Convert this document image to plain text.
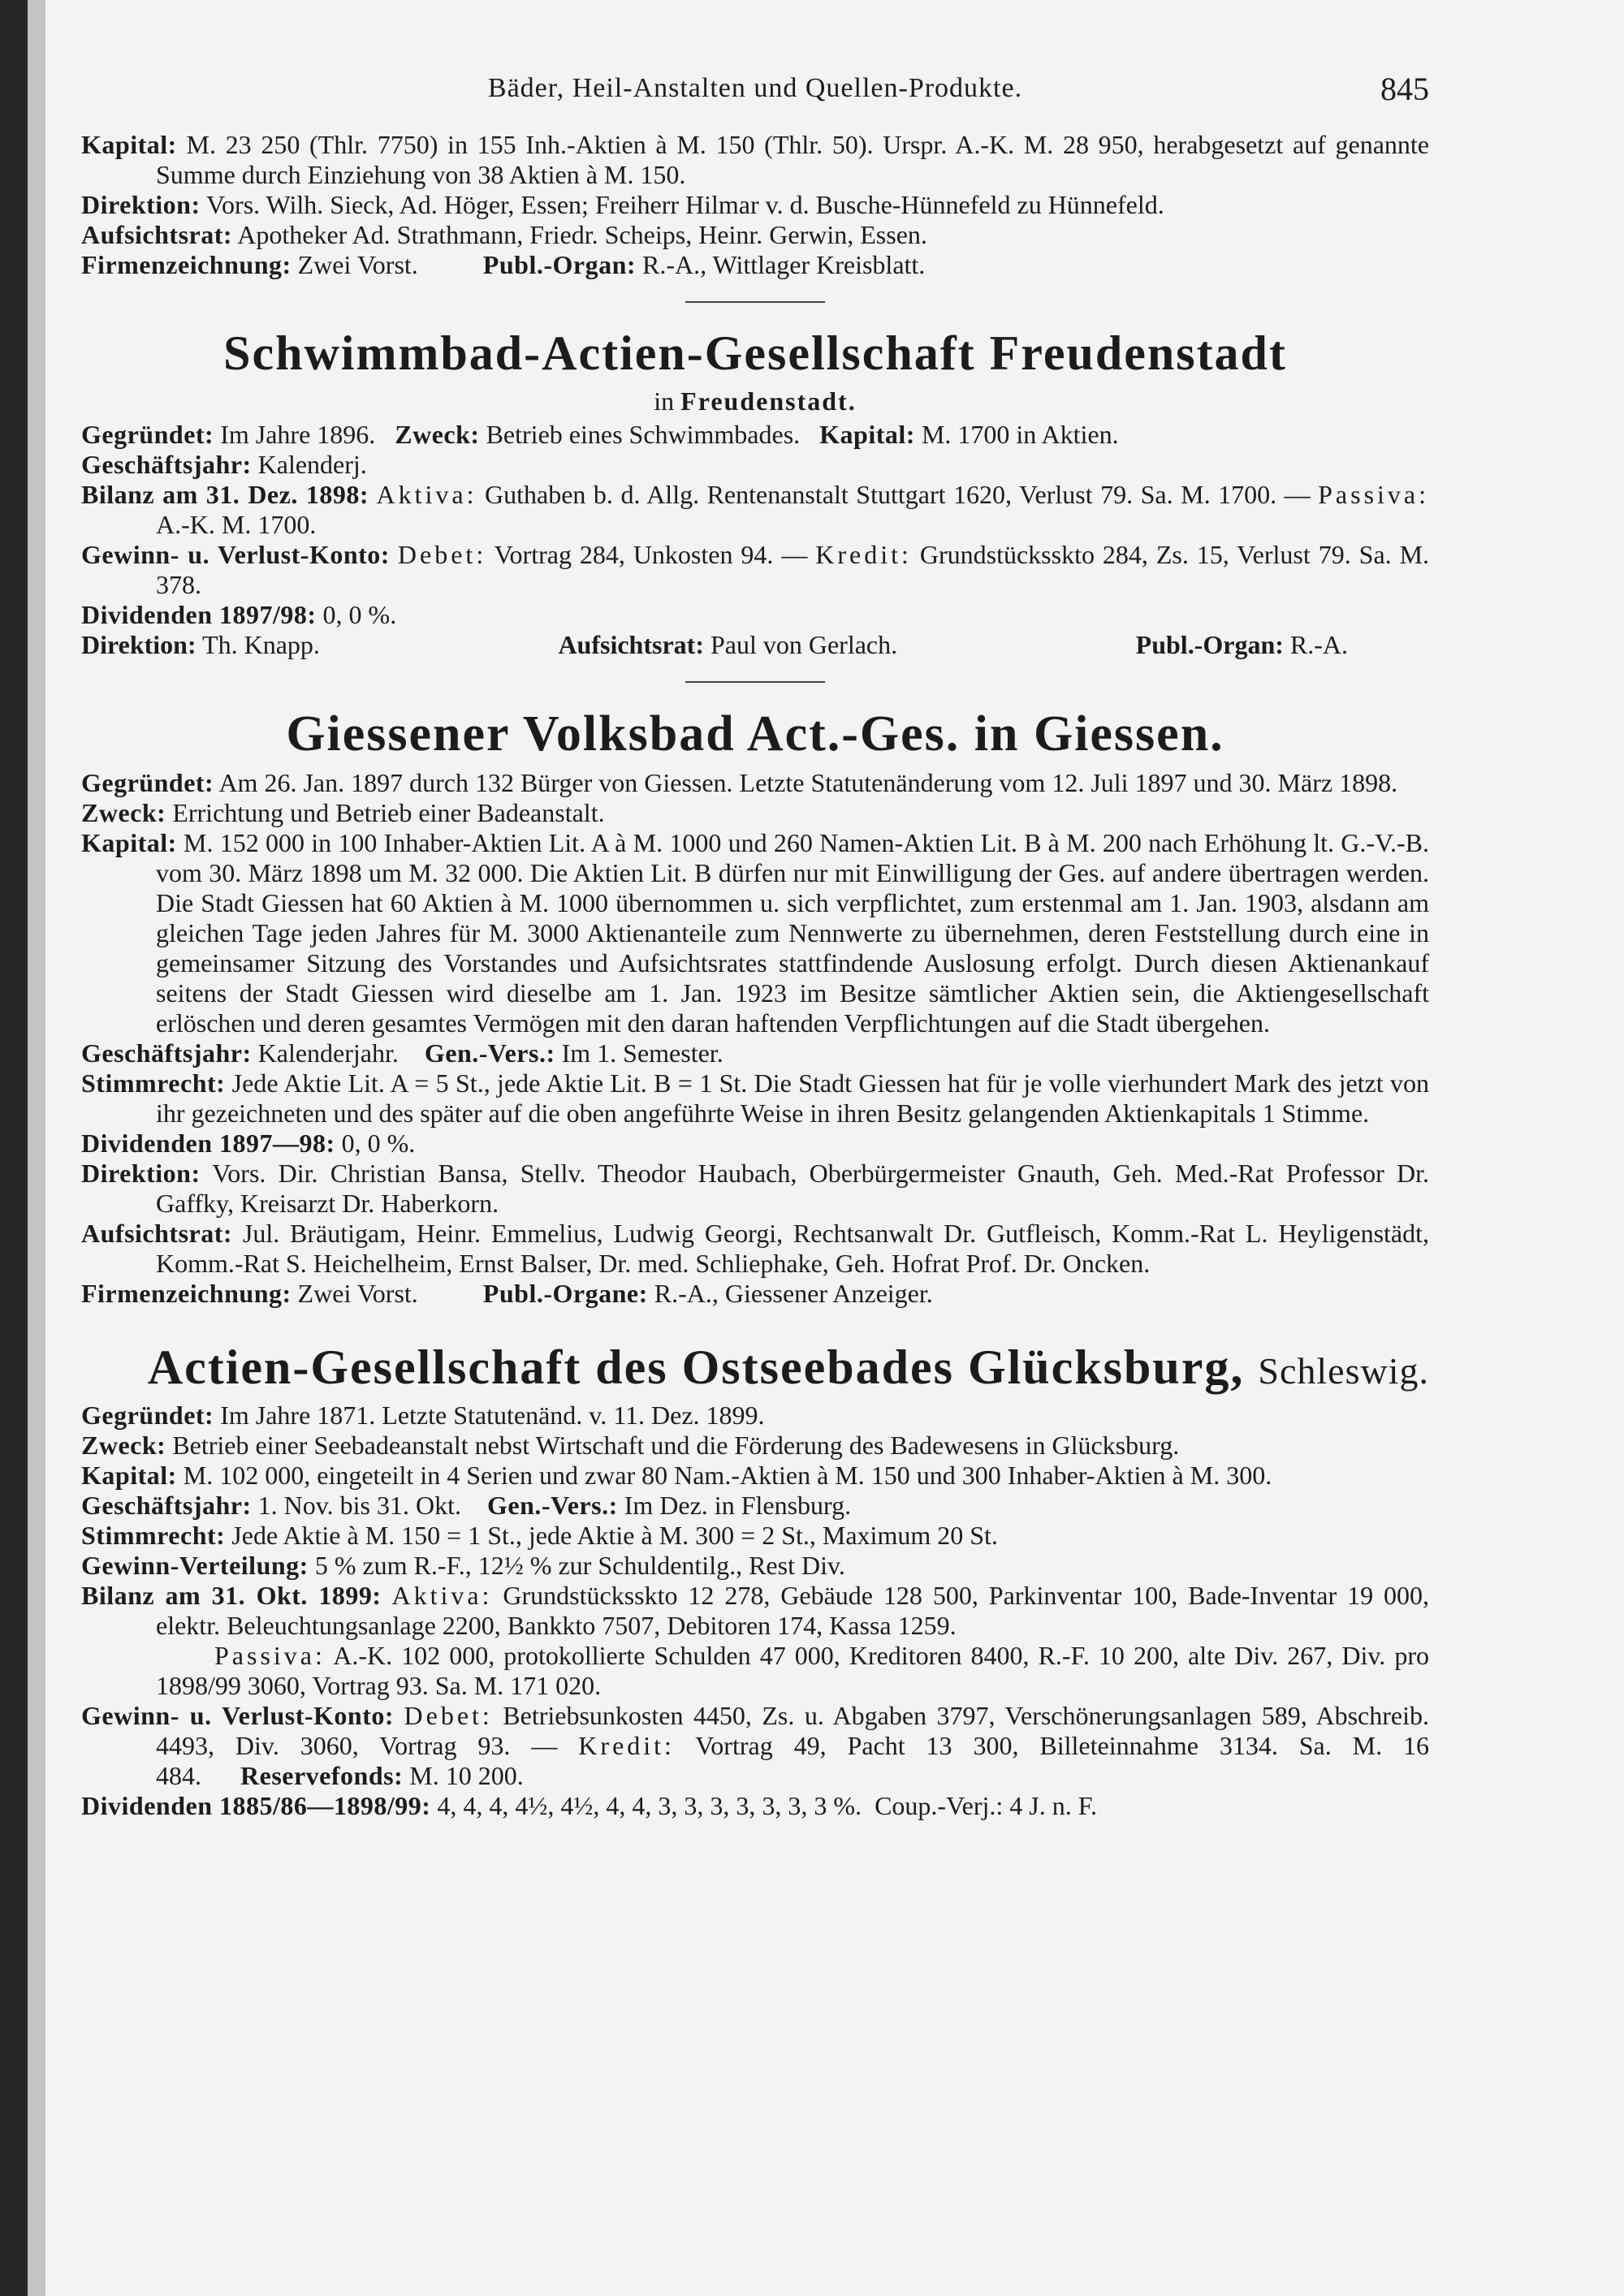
Bäder, Heil-Anstalten und Quellen-Produkte.	845

Kapital: M. 23 250 (Thlr. 7750) in 155 Inh.-Aktien à M. 150 (Thlr. 50). Urspr. A.-K. M. 28 950, herabgesetzt auf genannte Summe durch Einziehung von 38 Aktien à M. 150.

Direktion: Vors. Wilh. Sieck, Ad. Höger, Essen; Freiherr Hilmar v. d. Busche-Hünnefeld zu Hünnefeld.

Aufsichtsrat: Apotheker Ad. Strathmann, Friedr. Scheips, Heinr. Gerwin, Essen.

Firmenzeichnung: Zwei Vorst.	Publ.-Organ: R.-A., Wittlager Kreisblatt.

Schwimmbad-Actien-Gesellschaft Freudenstadt
in Freudenstadt.

Gegründet: Im Jahre 1896. Zweck: Betrieb eines Schwimmbades. Kapital: M. 1700 in Aktien.

Geschäftsjahr: Kalenderj.

Bilanz am 31. Dez. 1898: Aktiva: Guthaben b. d. Allg. Rentenanstalt Stuttgart 1620, Verlust 79. Sa. M. 1700. — Passiva: A.-K. M. 1700.

Gewinn- u. Verlust-Konto: Debet: Vortrag 284, Unkosten 94. — Kredit: Grundstücksskto 284, Zs. 15, Verlust 79. Sa. M. 378.

Dividenden 1897/98: 0, 0 %.

Direktion: Th. Knapp.	Aufsichtsrat: Paul von Gerlach.	Publ.-Organ: R.-A.
Giessener Volksbad Act.-Ges. in Giessen.

Gegründet: Am 26. Jan. 1897 durch 132 Bürger von Giessen. Letzte Statutenänderung vom 12. Juli 1897 und 30. März 1898.

Zweck: Errichtung und Betrieb einer Badeanstalt.

Kapital: M. 152 000 in 100 Inhaber-Aktien Lit. A à M. 1000 und 260 Namen-Aktien Lit. B à M. 200 nach Erhöhung lt. G.-V.-B. vom 30. März 1898 um M. 32 000. Die Aktien Lit. B dürfen nur mit Einwilligung der Ges. auf andere übertragen werden. Die Stadt Giessen hat 60 Aktien à M. 1000 übernommen u. sich verpflichtet, zum erstenmal am 1. Jan. 1903, alsdann am gleichen Tage jeden Jahres für M. 3000 Aktienanteile zum Nennwerte zu übernehmen, deren Feststellung durch eine in gemeinsamer Sitzung des Vorstandes und Aufsichtsrates stattfindende Auslosung erfolgt. Durch diesen Aktienankauf seitens der Stadt Giessen wird dieselbe am 1. Jan. 1923 im Besitze sämtlicher Aktien sein, die Aktiengesellschaft erlöschen und deren gesamtes Vermögen mit den daran haftenden Verpflichtungen auf die Stadt übergehen.

Geschäftsjahr: Kalenderjahr. Gen.-Vers.: Im 1. Semester.

Stimmrecht: Jede Aktie Lit. A = 5 St., jede Aktie Lit. B = 1 St. Die Stadt Giessen hat für je volle vierhundert Mark des jetzt von ihr gezeichneten und des später auf die oben angeführte Weise in ihren Besitz gelangenden Aktienkapitals 1 Stimme.

Dividenden 1897—98: 0, 0 %.

Direktion: Vors. Dir. Christian Bansa, Stellv. Theodor Haubach, Oberbürgermeister Gnauth, Geh. Med.-Rat Professor Dr. Gaffky, Kreisarzt Dr. Haberkorn.

Aufsichtsrat: Jul. Bräutigam, Heinr. Emmelius, Ludwig Georgi, Rechtsanwalt Dr. Gutfleisch, Komm.-Rat L. Heyligenstädt, Komm.-Rat S. Heichelheim, Ernst Balser, Dr. med. Schliephake, Geh. Hofrat Prof. Dr. Oncken.

Firmenzeichnung: Zwei Vorst.	Publ.-Organe: R.-A., Giessener Anzeiger.

Actien-Gesellschaft des Ostseebades Glücksburg, Schleswig.

Gegründet: Im Jahre 1871. Letzte Statutenänd. v. 11. Dez. 1899.

Zweck: Betrieb einer Seebadeanstalt nebst Wirtschaft und die Förderung des Badewesens in Glücksburg.

Kapital: M. 102 000, eingeteilt in 4 Serien und zwar 80 Nam.-Aktien à M. 150 und 300 Inhaber-Aktien à M. 300.

Geschäftsjahr: 1. Nov. bis 31. Okt. Gen.-Vers.: Im Dez. in Flensburg.

Stimmrecht: Jede Aktie à M. 150 = 1 St., jede Aktie à M. 300 = 2 St., Maximum 20 St.

Gewinn-Verteilung: 5 % zum R.-F., 12½ % zur Schuldentilg., Rest Div.

Bilanz am 31. Okt. 1899: Aktiva: Grundstücksskto 12 278, Gebäude 128 500, Parkinventar 100, Bade-Inventar 19 000, elektr. Beleuchtungsanlage 2200, Bankkto 7507, Debitoren 174, Kassa 1259.

Passiva: A.-K. 102 000, protokollierte Schulden 47 000, Kreditoren 8400, R.-F. 10 200, alte Div. 267, Div. pro 1898/99 3060, Vortrag 93. Sa. M. 171 020.

Gewinn- u. Verlust-Konto: Debet: Betriebsunkosten 4450, Zs. u. Abgaben 3797, Verschönerungsanlagen 589, Abschreib. 4493, Div. 3060, Vortrag 93. — Kredit: Vortrag 49, Pacht 13 300, Billeteinnahme 3134. Sa. M. 16 484. Reservefonds: M. 10 200.

Dividenden 1885/86—1898/99: 4, 4, 4, 4½, 4½, 4, 4, 3, 3, 3, 3, 3, 3, 3 %. Coup.-Verj.: 4 J. n. F.
